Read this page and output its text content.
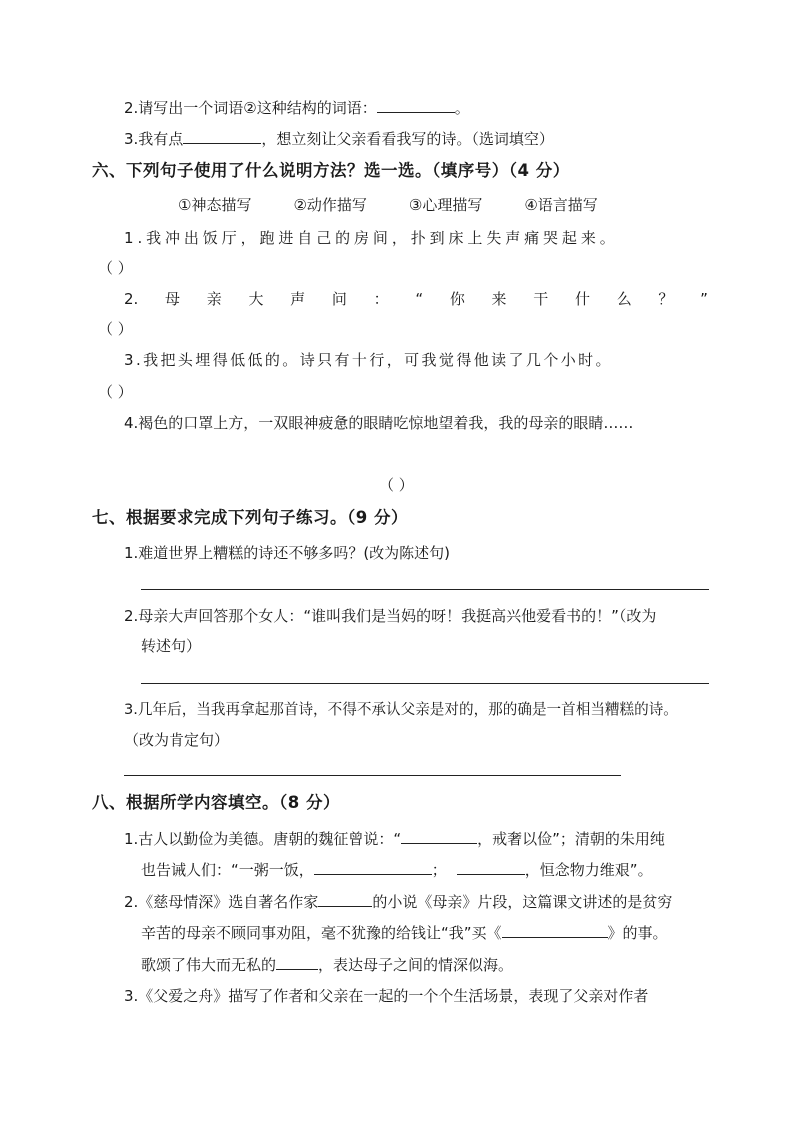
2.请写出一个词语②这种结构的词语：	。
3.我有点	，想立刻让父亲看看我写的诗。（选词填空）
六、下列句子使用了什么说明方法？选一选。（填序号）（4 分）
①神态描写	②动作描写	③心理描写	④语言描写
1.我冲出饭厅，跑进自己的房间，扑到床上失声痛哭起来。
（ ）
2. 母 亲 大 声 问 ： “ 你 来 干 什 么 ？ ”
（ ）
3.我把头埋得低低的。诗只有十行，可我觉得他读了几个小时。
（ ）
4.褐色的口罩上方，一双眼神疲惫的眼睛吃惊地望着我，我的母亲的眼睛……
（ ）
七、根据要求完成下列句子练习。（9 分）
1.难道世界上糟糕的诗还不够多吗？(改为陈述句)
2.母亲大声回答那个女人：“谁叫我们是当妈的呀！我挺高兴他爱看书的！”（改为
转述句）
3.几年后，当我再拿起那首诗，不得不承认父亲是对的，那的确是一首相当糟糕的诗。
（改为肯定句）
八、根据所学内容填空。（8 分）
1.古人以勤俭为美德。唐朝的魏征曾说：“	，戒奢以俭”；清朝的朱用纯
也告诫人们：“一粥一饭，	；	，恒念物力维艰”。
2.《慈母情深》选自著名作家	的小说《母亲》片段，这篇课文讲述的是贫穷
辛苦的母亲不顾同事劝阻，毫不犹豫的给钱让“我”买《	》的事。
歌颂了伟大而无私的	，表达母子之间的情深似海。
3.《父爱之舟》描写了作者和父亲在一起的一个个生活场景，表现了父亲对作者
